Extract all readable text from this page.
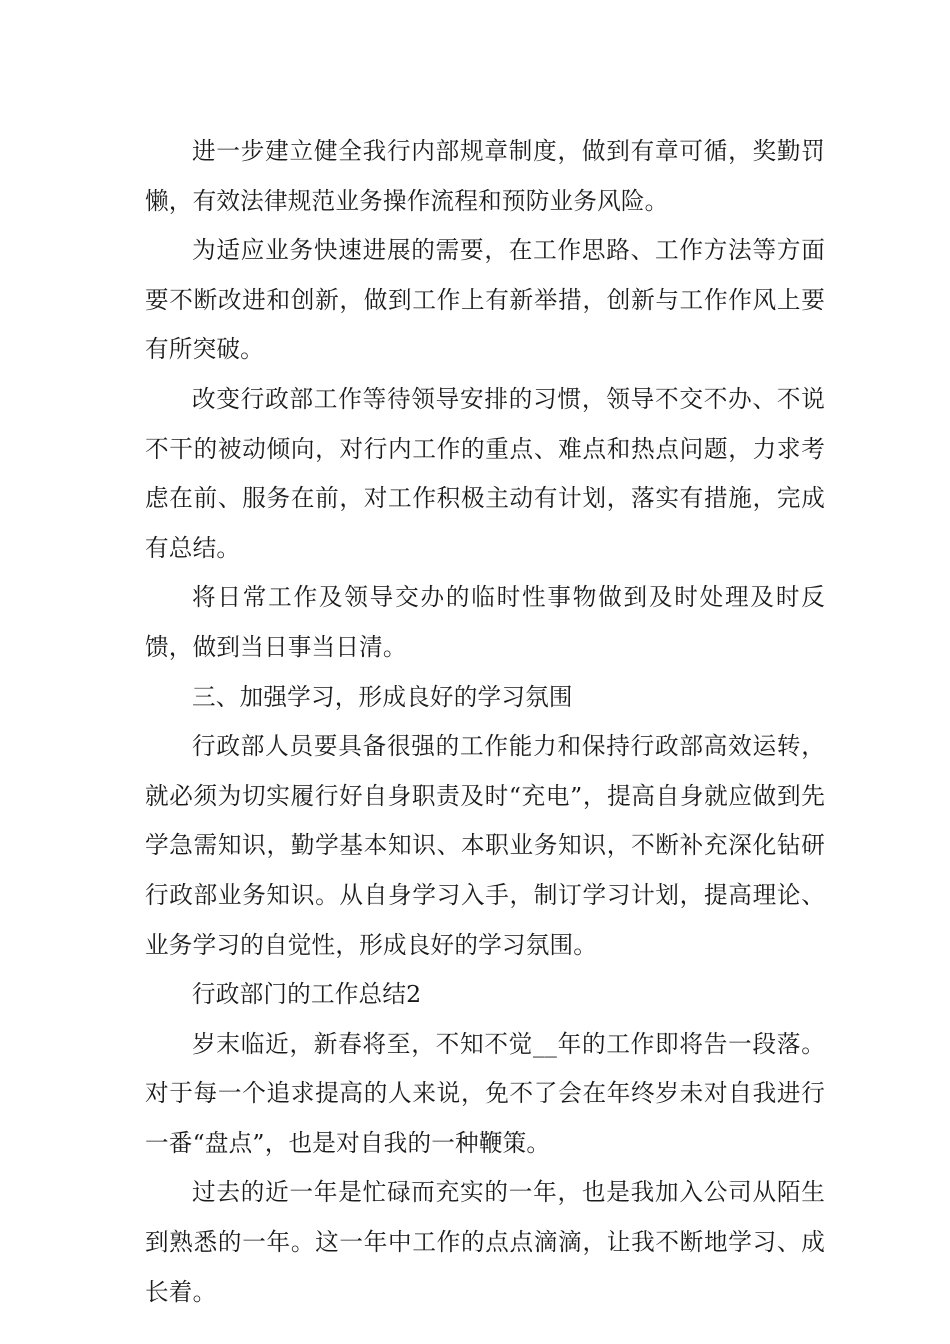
进一步建立健全我行内部规章制度，做到有章可循，奖勤罚懒，有效法律规范业务操作流程和预防业务风险。

为适应业务快速进展的需要，在工作思路、工作方法等方面要不断改进和创新，做到工作上有新举措，创新与工作作风上要有所突破。

改变行政部工作等待领导安排的习惯，领导不交不办、不说不干的被动倾向，对行内工作的重点、难点和热点问题，力求考虑在前、服务在前，对工作积极主动有计划，落实有措施，完成有总结。

将日常工作及领导交办的临时性事物做到及时处理及时反馈，做到当日事当日清。

三、加强学习，形成良好的学习氛围

行政部人员要具备很强的工作能力和保持行政部高效运转，就必须为切实履行好自身职责及时“充电”，提高自身就应做到先学急需知识，勤学基本知识、本职业务知识，不断补充深化钻研行政部业务知识。从自身学习入手，制订学习计划，提高理论、业务学习的自觉性，形成良好的学习氛围。

行政部门的工作总结2

岁末临近，新春将至，不知不觉__年的工作即将告一段落。对于每一个追求提高的人来说，免不了会在年终岁未对自我进行一番“盘点”，也是对自我的一种鞭策。

过去的近一年是忙碌而充实的一年，也是我加入公司从陌生到熟悉的一年。这一年中工作的点点滴滴，让我不断地学习、成长着。
